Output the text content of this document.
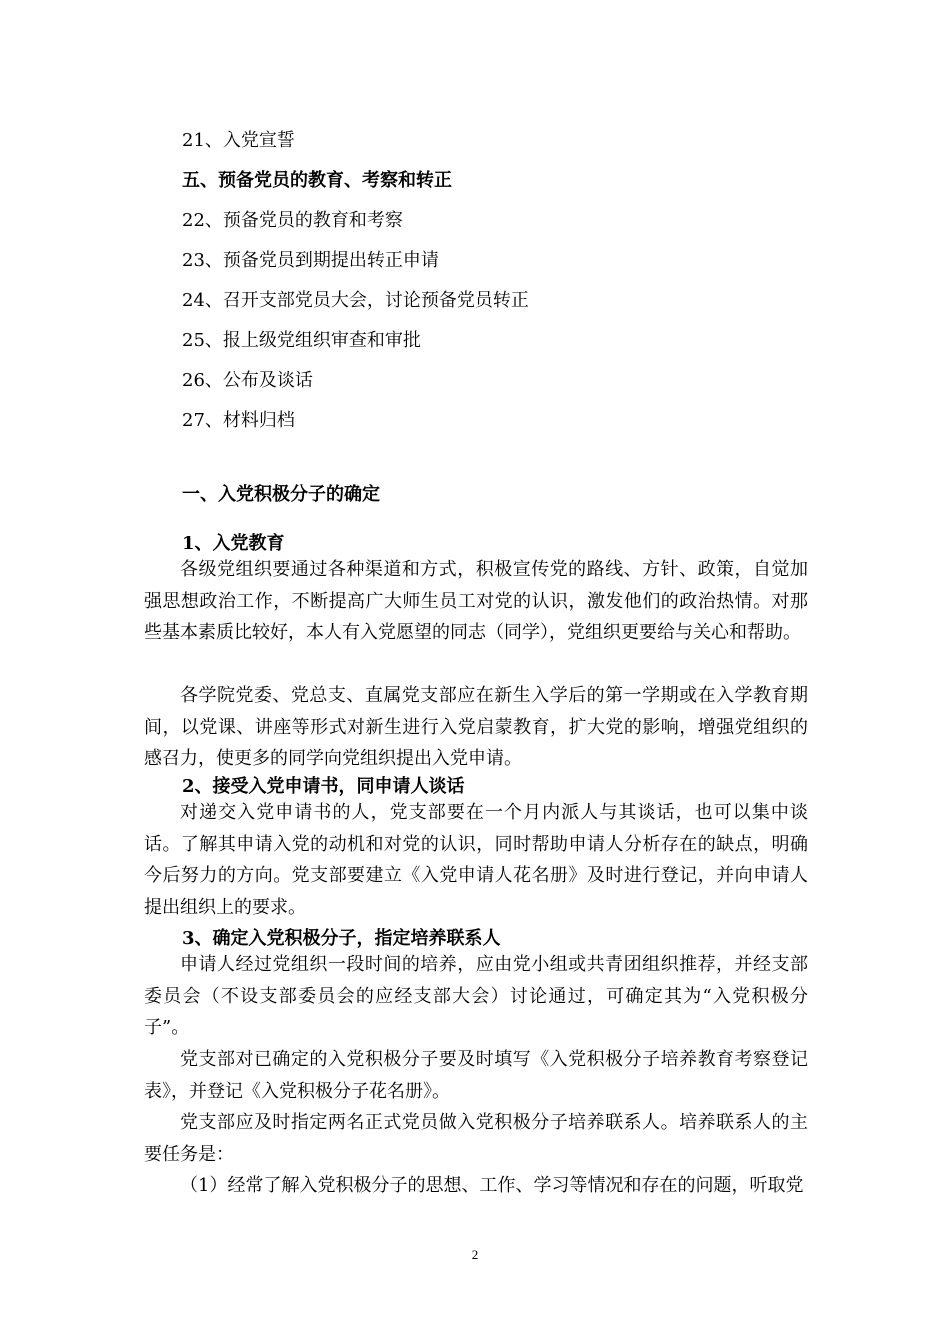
21、入党宣誓
五、预备党员的教育、考察和转正
22、预备党员的教育和考察
23、预备党员到期提出转正申请
24、召开支部党员大会，讨论预备党员转正
25、报上级党组织审查和审批
26、公布及谈话
27、材料归档
一、入党积极分子的确定
1、入党教育

各级党组织要通过各种渠道和方式，积极宣传党的路线、方针、政策，自觉加强思想政治工作，不断提高广大师生员工对党的认识，激发他们的政治热情。对那些基本素质比较好，本人有入党愿望的同志（同学），党组织更要给与关心和帮助。

各学院党委、党总支、直属党支部应在新生入学后的第一学期或在入学教育期间，以党课、讲座等形式对新生进行入党启蒙教育，扩大党的影响，增强党组织的感召力，使更多的同学向党组织提出入党申请。

2、接受入党申请书，同申请人谈话

对递交入党申请书的人，党支部要在一个月内派人与其谈话，也可以集中谈话。了解其申请入党的动机和对党的认识，同时帮助申请人分析存在的缺点，明确今后努力的方向。党支部要建立《入党申请人花名册》及时进行登记，并向申请人提出组织上的要求。

3、确定入党积极分子，指定培养联系人

申请人经过党组织一段时间的培养，应由党小组或共青团组织推荐，并经支部委员会（不设支部委员会的应经支部大会）讨论通过，可确定其为“入党积极分子”。

党支部对已确定的入党积极分子要及时填写《入党积极分子培养教育考察登记表》，并登记《入党积极分子花名册》。

党支部应及时指定两名正式党员做入党积极分子培养联系人。培养联系人的主要任务是：

（1）经常了解入党积极分子的思想、工作、学习等情况和存在的问题，听取党

2
